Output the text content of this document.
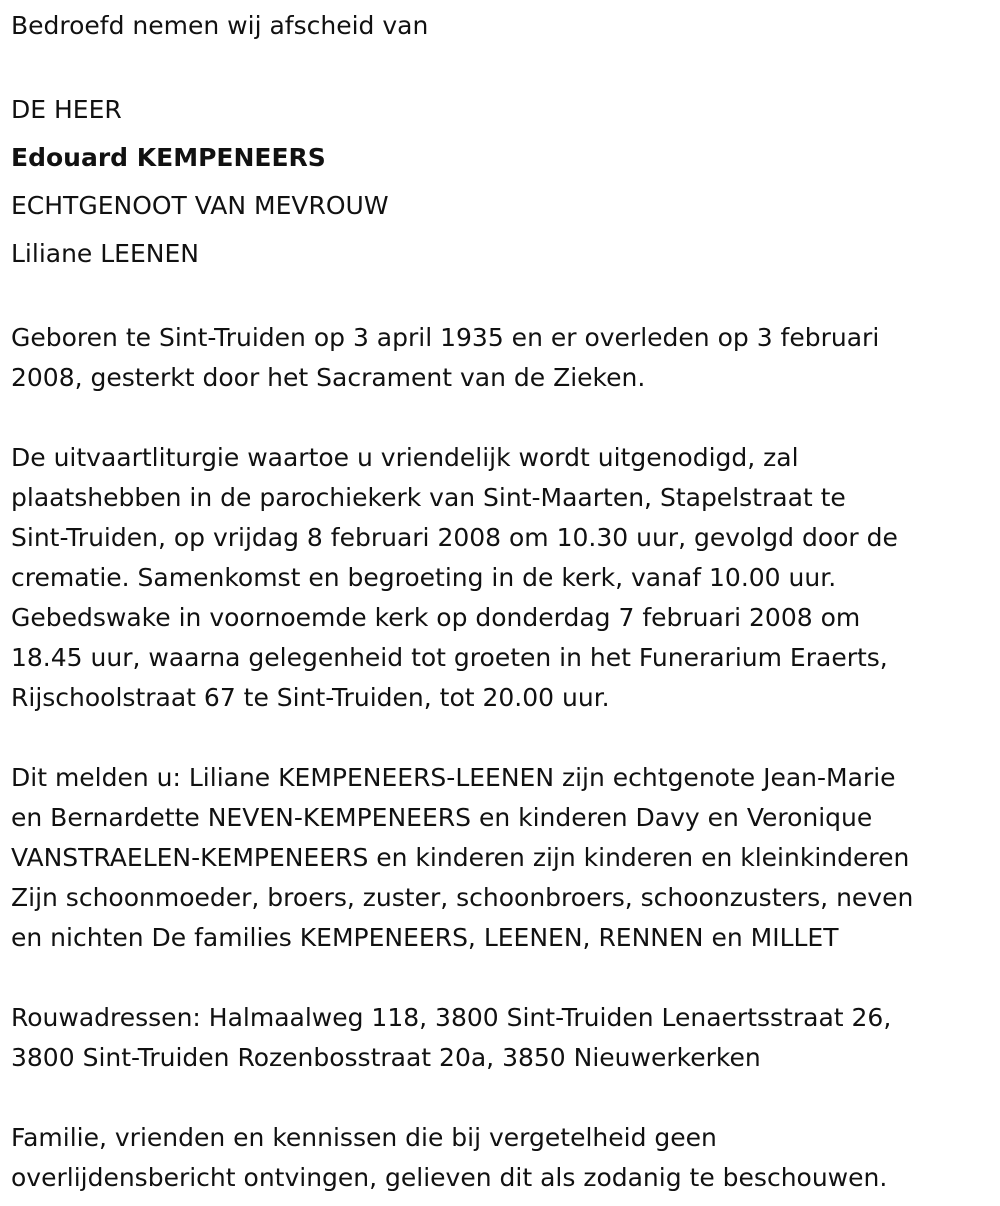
Bedroefd nemen wij afscheid van

DE HEER

Edouard KEMPENEERS

ECHTGENOOT VAN MEVROUW

Liliane LEENEN

Geboren te Sint-Truiden op 3 april 1935 en er overleden op 3 februari

2008, gesterkt door het Sacrament van de Zieken.

De uitvaartliturgie waartoe u vriendelijk wordt uitgenodigd, zal

plaatshebben in de parochiekerk van Sint-Maarten, Stapelstraat te

Sint-Truiden, op vrijdag 8 februari 2008 om 10.30 uur, gevolgd door de

crematie. Samenkomst en begroeting in de kerk, vanaf 10.00 uur.

Gebedswake in voornoemde kerk op donderdag 7 februari 2008 om

18.45 uur, waarna gelegenheid tot groeten in het Funerarium Eraerts,

Rijschoolstraat 67 te Sint-Truiden, tot 20.00 uur.

Dit melden u: Liliane KEMPENEERS-LEENEN zijn echtgenote Jean-Marie

en Bernardette NEVEN-KEMPENEERS en kinderen Davy en Veronique

VANSTRAELEN-KEMPENEERS en kinderen zijn kinderen en kleinkinderen

Zijn schoonmoeder, broers, zuster, schoonbroers, schoonzusters, neven

en nichten De families KEMPENEERS, LEENEN, RENNEN en MILLET

Rouwadressen: Halmaalweg 118, 3800 Sint-Truiden Lenaertsstraat 26,

3800 Sint-Truiden Rozenbosstraat 20a, 3850 Nieuwerkerken

Familie, vrienden en kennissen die bij vergetelheid geen

overlijdensbericht ontvingen, gelieven dit als zodanig te beschouwen.
